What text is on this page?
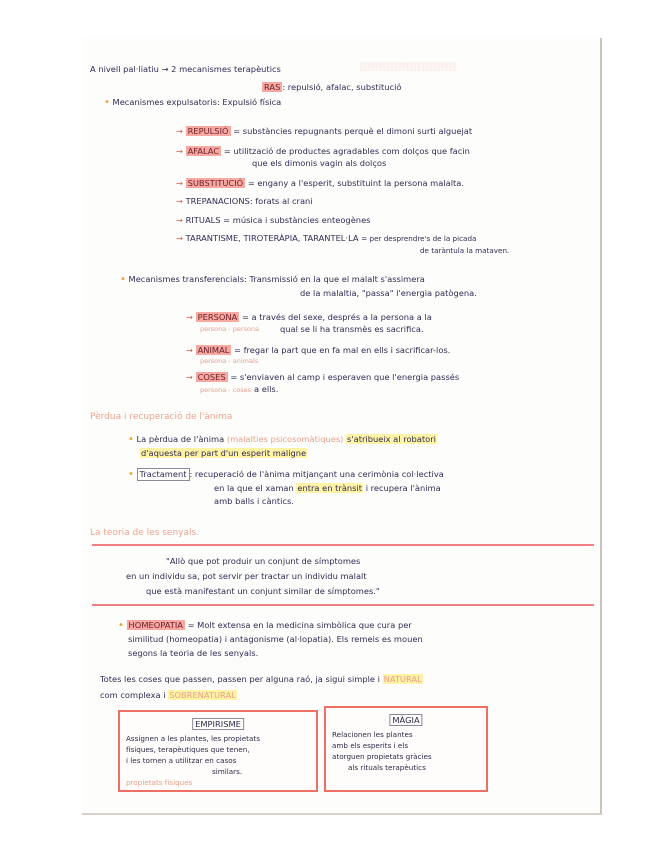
A nivell pal·liatiu → 2 mecanismes terapèutics	░░░░░░░░░░░░░░░░░░
RAS : repulsió, afalac, substitució
• Mecanismes expulsatoris: Expulsió física
→ REPULSIÓ = substàncies repugnants perquè el dimoni surti alguejat
→ AFALAC = utilització de productes agradables com dolços que facin
que els dimonis vagin als dolços
→ SUBSTITUCIÓ = engany a l'esperit, substituint la persona malalta.
→ TREPANACIONS: forats al crani
→ RITUALS = música i substàncies enteogènes
→ TARANTISME, TIROTERÀPIA, TARANTEL·LA = per desprendre's de la picada
de taràntula la mataven.
• Mecanismes transferencials: Transmissió en la que el malalt s'assimera
de la malaltia, "passa" l'energia patògena.
→ PERSONA = a través del sexe, després a la persona a la
persona - persona	qual se li ha transmès es sacrifica.
→ ANIMAL = fregar la part que en fa mal en ells i sacrificar-los.
persona - animals
→ COSES = s'enviaven al camp i esperaven que l'energia passés
persona - coses a ells.
Pèrdua i recuperació de l'ànima
• La pèrdua de l'ànima (malalties psicosomàtiques) s'atribueix al robatori
d'aquesta per part d'un esperit maligne
• Tractament : recuperació de l'ànima mitjançant una cerimònia col·lectiva
en la que el xaman entra en trànsit i recupera l'ànima
amb balls i càntics.
La teoria de les senyals.
"Allò que pot produir un conjunt de símptomes
en un individu sa, pot servir per tractar un individu malalt
que està manifestant un conjunt similar de símptomes."
• HOMEOPATIA = Molt extensa en la medicina simbòlica que cura per
similitud (homeopatia) i antagonisme (al·lopatia). Els remeis es mouen
segons la teoria de les senyals.
Totes les coses que passen, passen per alguna raó, ja sigui simple i NATURAL
com complexa i SOBRENATURAL
EMPIRISME
Assignen a les plantes, les propietats
físiques, terapèutiques que tenen,
i les tornen a utilitzar en casos
similars.
propietats físiques
MÀGIA
Relacionen les plantes
amb els esperits i els
atorguen propietats gràcies
als rituals terapèutics
